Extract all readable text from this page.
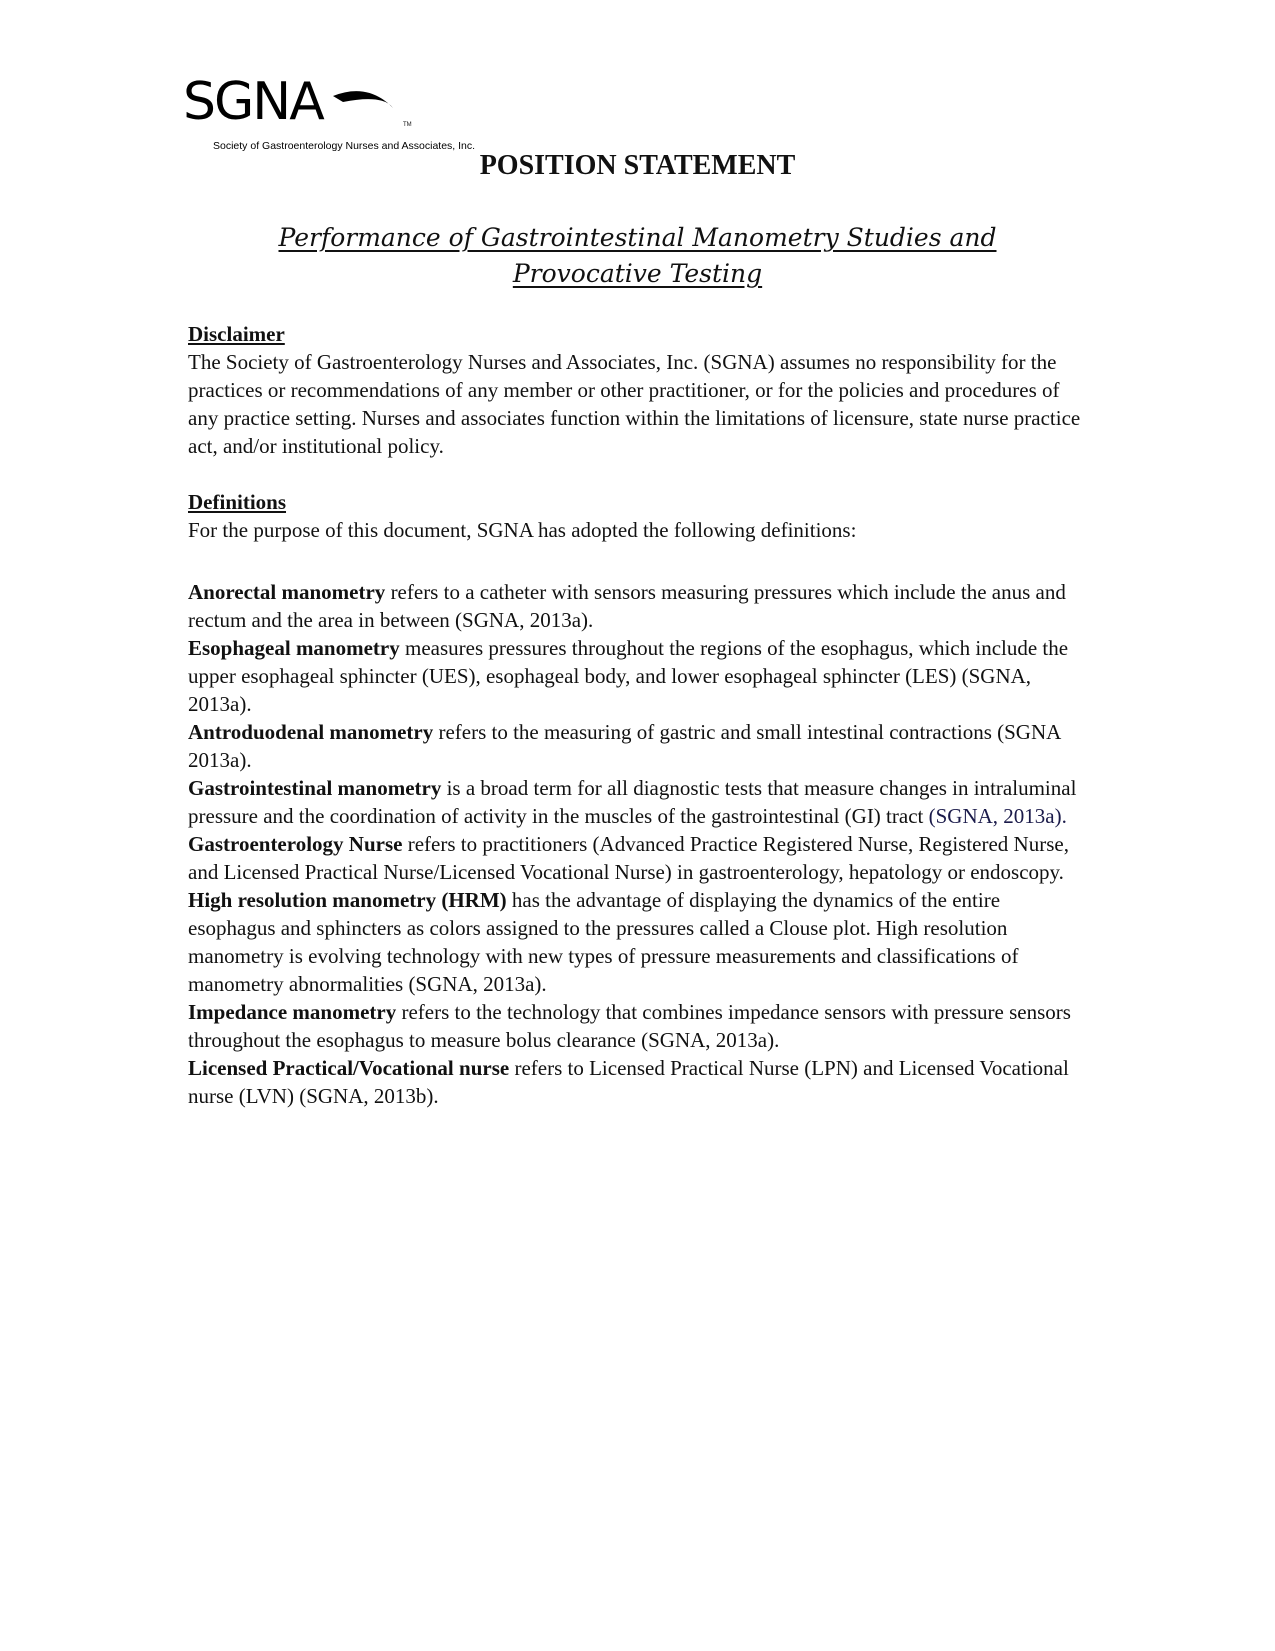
SGNA	TM
Society of Gastroenterology Nurses and Associates, Inc.
POSITION STATEMENT
Performance of Gastrointestinal Manometry Studies and
Provocative Testing
Disclaimer

The Society of Gastroenterology Nurses and Associates, Inc. (SGNA) assumes no responsibility for the practices or recommendations of any member or other practitioner, or for the policies and procedures of any practice setting. Nurses and associates function within the limitations of licensure, state nurse practice act, and/or institutional policy.

Definitions

For the purpose of this document, SGNA has adopted the following definitions:

Anorectal manometry refers to a catheter with sensors measuring pressures which include the anus and rectum and the area in between (SGNA, 2013a).

Esophageal manometry measures pressures throughout the regions of the esophagus, which include the upper esophageal sphincter (UES), esophageal body, and lower esophageal sphincter (LES) (SGNA, 2013a).

Antroduodenal manometry refers to the measuring of gastric and small intestinal contractions (SGNA 2013a).

Gastrointestinal manometry is a broad term for all diagnostic tests that measure changes in intraluminal pressure and the coordination of activity in the muscles of the gastrointestinal (GI) tract (SGNA, 2013a).

Gastroenterology Nurse refers to practitioners (Advanced Practice Registered Nurse, Registered Nurse, and Licensed Practical Nurse/Licensed Vocational Nurse) in gastroenterology, hepatology or endoscopy.

High resolution manometry (HRM) has the advantage of displaying the dynamics of the entire esophagus and sphincters as colors assigned to the pressures called a Clouse plot. High resolution manometry is evolving technology with new types of pressure measurements and classifications of manometry abnormalities (SGNA, 2013a).

Impedance manometry refers to the technology that combines impedance sensors with pressure sensors throughout the esophagus to measure bolus clearance (SGNA, 2013a).

Licensed Practical/Vocational nurse refers to Licensed Practical Nurse (LPN) and Licensed Vocational nurse (LVN) (SGNA, 2013b).
